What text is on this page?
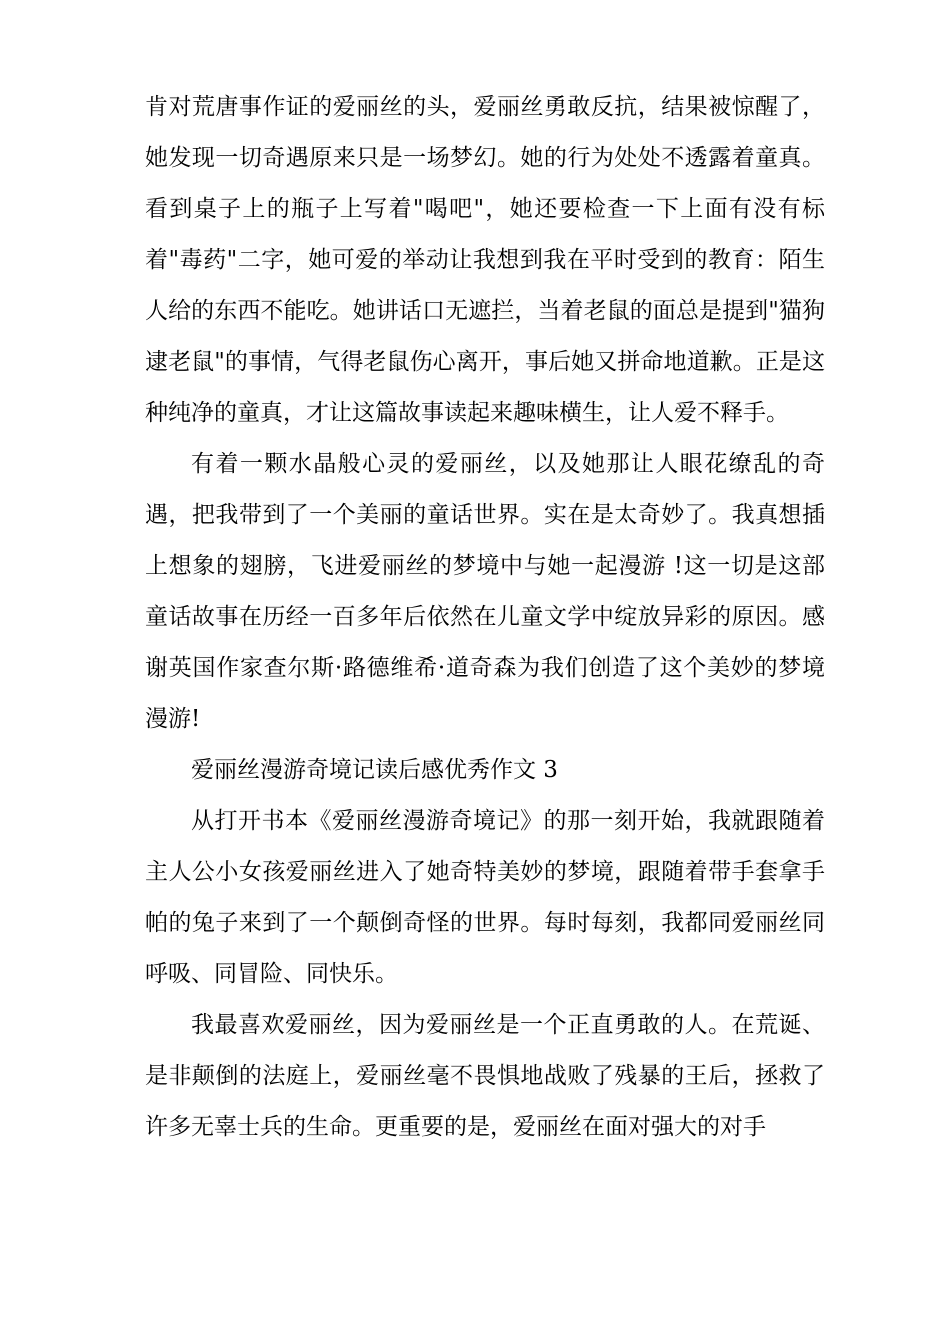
肯对荒唐事作证的爱丽丝的头，爱丽丝勇敢反抗，结果被惊醒了，她发现一切奇遇原来只是一场梦幻。她的行为处处不透露着童真。看到桌子上的瓶子上写着"喝吧"，她还要检查一下上面有没有标着"毒药"二字，她可爱的举动让我想到我在平时受到的教育：陌生人给的东西不能吃。她讲话口无遮拦，当着老鼠的面总是提到"猫狗逮老鼠"的事情，气得老鼠伤心离开，事后她又拼命地道歉。正是这种纯净的童真，才让这篇故事读起来趣味横生，让人爱不释手。

有着一颗水晶般心灵的爱丽丝，以及她那让人眼花缭乱的奇遇，把我带到了一个美丽的童话世界。实在是太奇妙了。我真想插上想象的翅膀，飞进爱丽丝的梦境中与她一起漫游 !这一切是这部童话故事在历经一百多年后依然在儿童文学中绽放异彩的原因。感谢英国作家查尔斯·路德维希·道奇森为我们创造了这个美妙的梦境漫游!

爱丽丝漫游奇境记读后感优秀作文 3

从打开书本《爱丽丝漫游奇境记》的那一刻开始，我就跟随着主人公小女孩爱丽丝进入了她奇特美妙的梦境，跟随着带手套拿手帕的兔子来到了一个颠倒奇怪的世界。每时每刻，我都同爱丽丝同呼吸、同冒险、同快乐。

我最喜欢爱丽丝，因为爱丽丝是一个正直勇敢的人。在荒诞、是非颠倒的法庭上，爱丽丝毫不畏惧地战败了残暴的王后，拯救了许多无辜士兵的生命。更重要的是，爱丽丝在面对强大的对手
